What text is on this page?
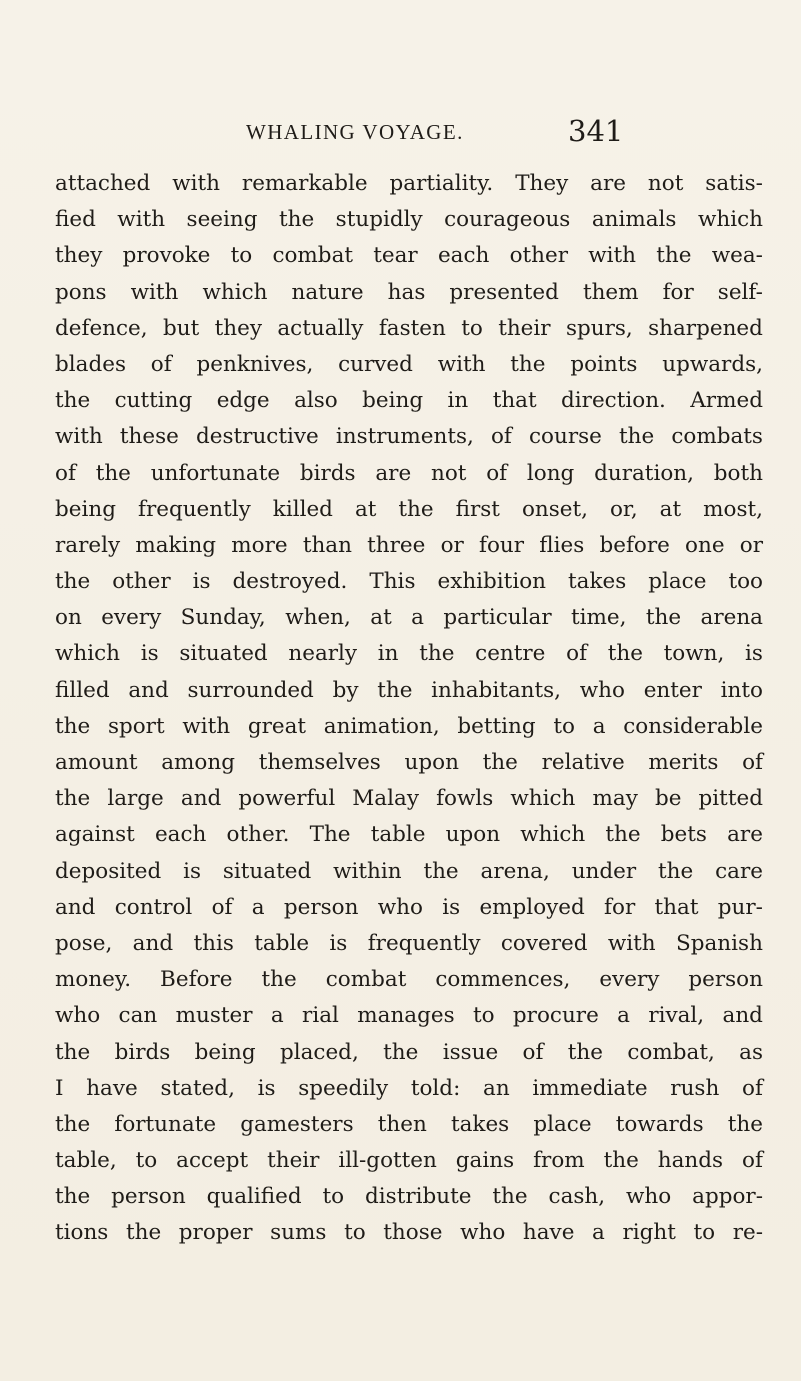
WHALING VOYAGE.	341
attached with remarkable partiality. They are not satis-
fied with seeing the stupidly courageous animals which
they provoke to combat tear each other with the wea-
pons with which nature has presented them for self-
defence, but they actually fasten to their spurs, sharpened
blades of penknives, curved with the points upwards,
the cutting edge also being in that direction. Armed
with these destructive instruments, of course the combats
of the unfortunate birds are not of long duration, both
being frequently killed at the first onset, or, at most,
rarely making more than three or four flies before one or
the other is destroyed. This exhibition takes place too
on every Sunday, when, at a particular time, the arena
which is situated nearly in the centre of the town, is
filled and surrounded by the inhabitants, who enter into
the sport with great animation, betting to a considerable
amount among themselves upon the relative merits of
the large and powerful Malay fowls which may be pitted
against each other. The table upon which the bets are
deposited is situated within the arena, under the care
and control of a person who is employed for that pur-
pose, and this table is frequently covered with Spanish
money. Before the combat commences, every person
who can muster a rial manages to procure a rival, and
the birds being placed, the issue of the combat, as
I have stated, is speedily told: an immediate rush of
the fortunate gamesters then takes place towards the
table, to accept their ill-gotten gains from the hands of
the person qualified to distribute the cash, who appor-
tions the proper sums to those who have a right to re-
